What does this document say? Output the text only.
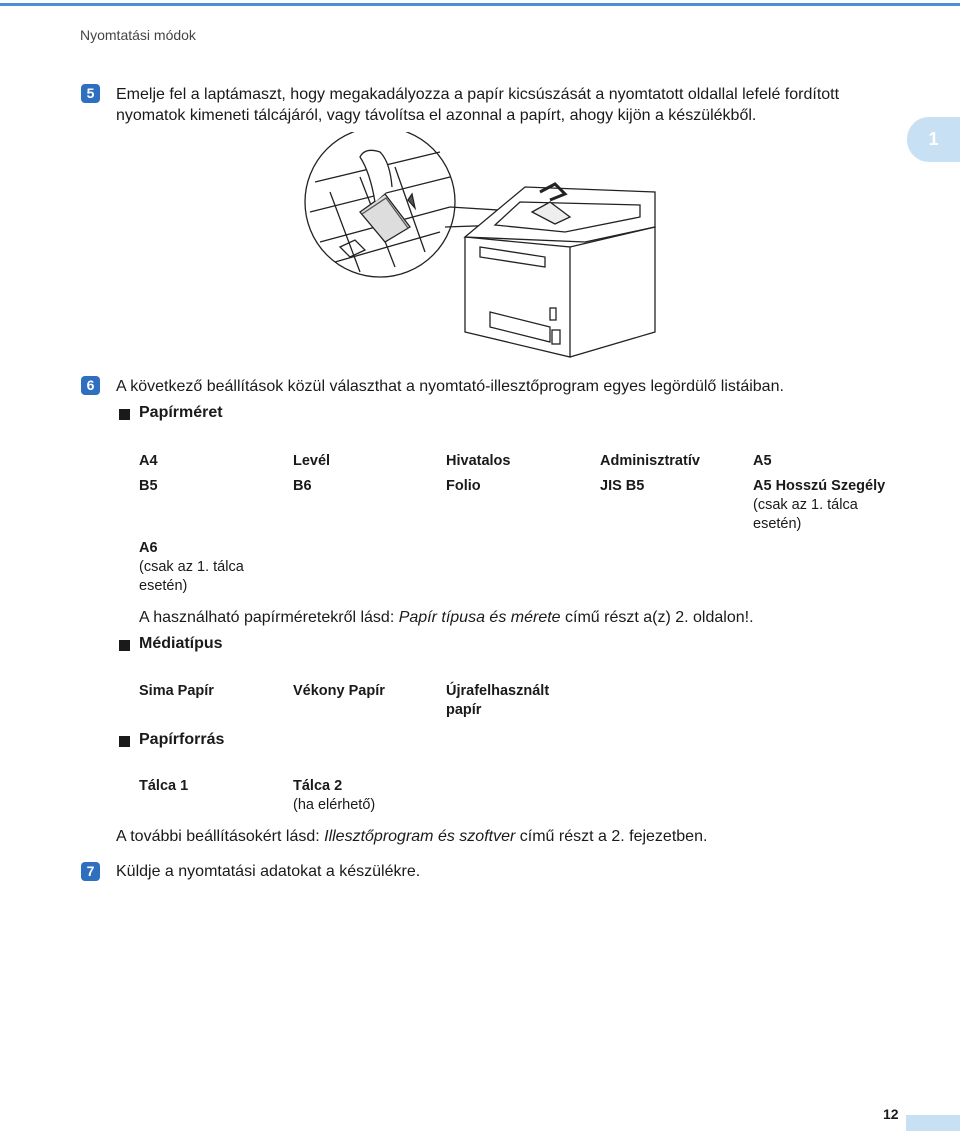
Nyomtatási módok
1
5	Emelje fel a laptámaszt, hogy megakadályozza a papír kicsúszását a nyomtatott oldallal lefelé fordított
nyomatok kimeneti tálcájáról, vagy távolítsa el azonnal a papírt, ahogy kijön a készülékből.
6	A következő beállítások közül választhat a nyomtató-illesztőprogram egyes legördülő listáiban.
Papírméret
A4	Levél	Hivatalos	Adminisztratív	A5
B5	B6	Folio	JIS B5	A5 Hosszú Szegély
(csak az 1. tálca
esetén)
A6
(csak az 1. tálca
esetén)
A használható papírméretekről lásd: Papír típusa és mérete című részt a(z) 2. oldalon!.
Médiatípus
Sima Papír	Vékony Papír	Újrafelhasznált
papír
Papírforrás
Tálca 1	Tálca 2
(ha elérhető)
A további beállításokért lásd: Illesztőprogram és szoftver című részt a 2. fejezetben.
7	Küldje a nyomtatási adatokat a készülékre.
12
